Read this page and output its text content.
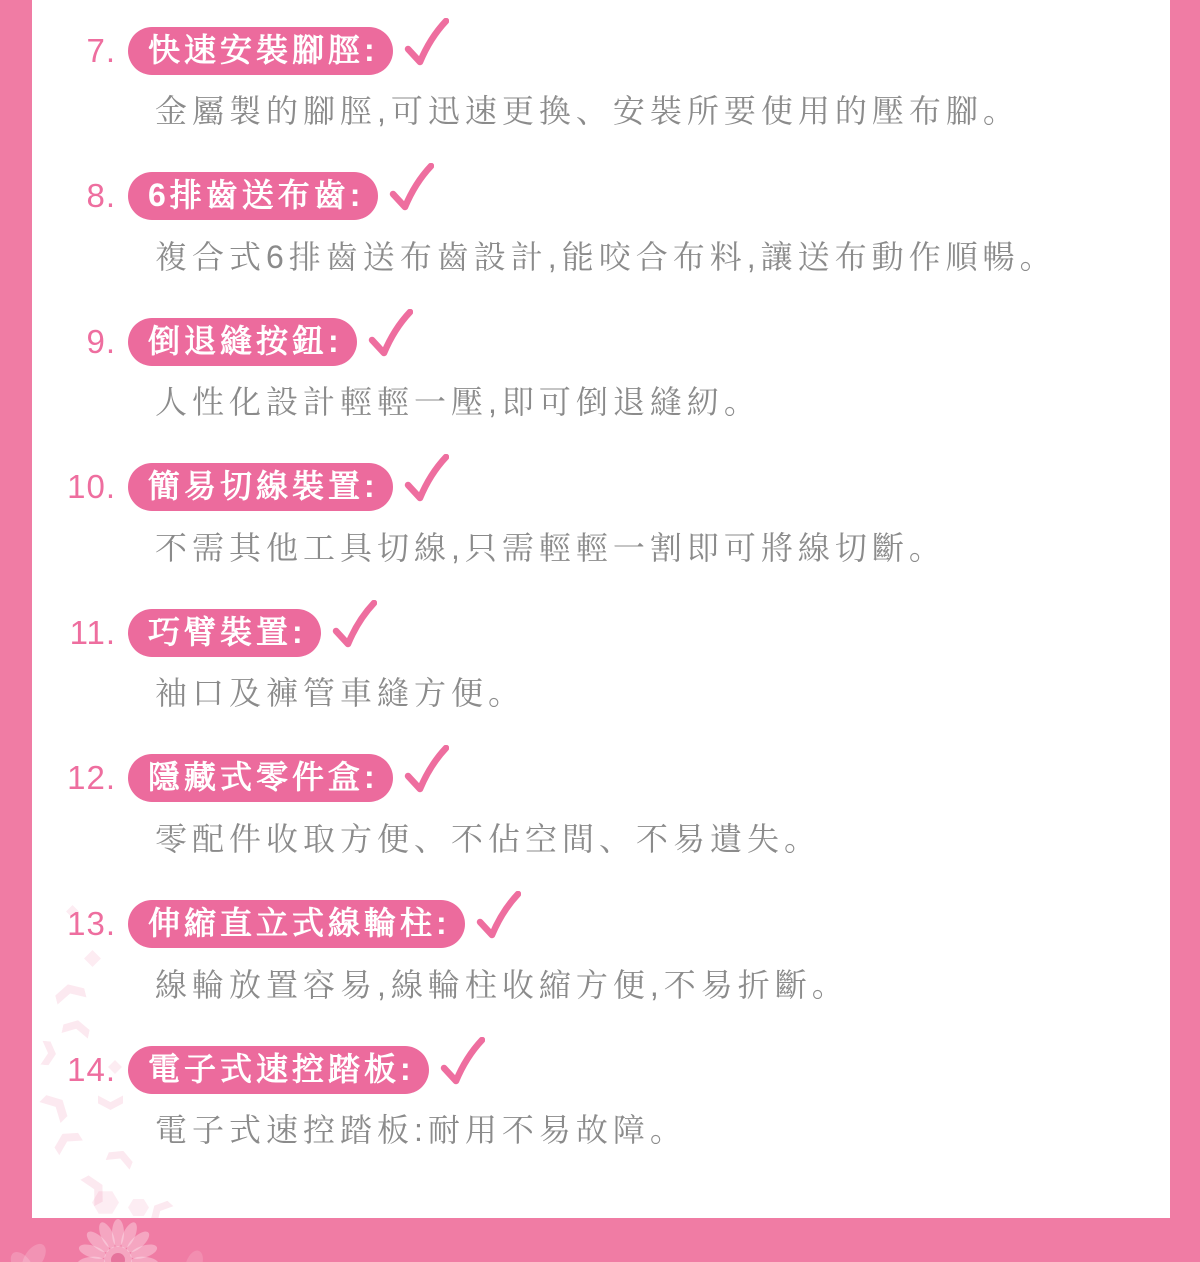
7.	快速安裝腳脛:
金屬製的腳脛,可迅速更換、安裝所要使用的壓布腳。
8.	6排齒送布齒:
複合式6排齒送布齒設計,能咬合布料,讓送布動作順暢。
9.	倒退縫按鈕:
人性化設計輕輕一壓,即可倒退縫紉。
10.	簡易切線裝置:
不需其他工具切線,只需輕輕一割即可將線切斷。
11.	巧臂裝置:
袖口及褲管車縫方便。
12.	隱藏式零件盒:
零配件收取方便、不佔空間、不易遺失。
13.	伸縮直立式線輪柱:
線輪放置容易,線輪柱收縮方便,不易折斷。
14.	電子式速控踏板:
電子式速控踏板:耐用不易故障。
